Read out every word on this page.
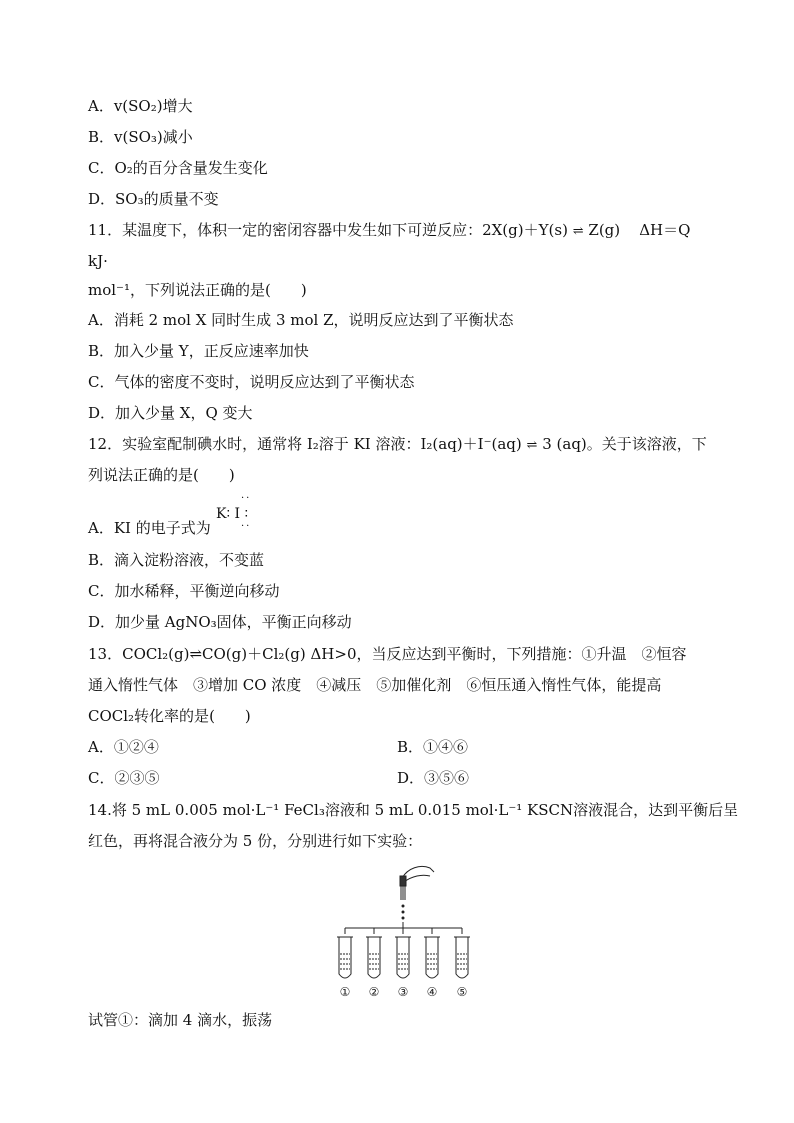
A．v(SO₂)增大
B．v(SO₃)减小
C．O₂的百分含量发生变化
D．SO₃的质量不变
11．某温度下，体积一定的密闭容器中发生如下可逆反应：2X(g)＋Y(s) ⇌ Z(g)    ΔH＝Q
kJ·
mol⁻¹，下列说法正确的是(　　)
A．消耗 2 mol X 同时生成 3 mol Z，说明反应达到了平衡状态
B．加入少量 Y，正反应速率加快
C．气体的密度不变时，说明反应达到了平衡状态
D．加入少量 X，Q 变大
12．实验室配制碘水时，通常将 I₂溶于 KI 溶液：I₂(aq)＋I⁻(aq) ⇌ 3 (aq)。关于该溶液，下
列说法正确的是(　　)
A．KI 的电子式为
K∶ I ∶
··
··
B．滴入淀粉溶液，不变蓝
C．加水稀释，平衡逆向移动
D．加少量 AgNO₃固体，平衡正向移动
13．COCl₂(g)⇌CO(g)＋Cl₂(g) ΔH>0，当反应达到平衡时，下列措施：①升温　②恒容
通入惰性气体　③增加 CO 浓度　④减压　⑤加催化剂　⑥恒压通入惰性气体，能提高
COCl₂转化率的是(　　)
A．①②④	B．①④⑥
C．②③⑤	D．③⑤⑥
14.将 5 mL 0.005 mol·L⁻¹ FeCl₃溶液和 5 mL 0.015 mol·L⁻¹ KSCN溶液混合，达到平衡后呈
红色，再将混合液分为 5 份，分别进行如下实验：
① ② ③ ④ ⑤
试管①：滴加 4 滴水，振荡
